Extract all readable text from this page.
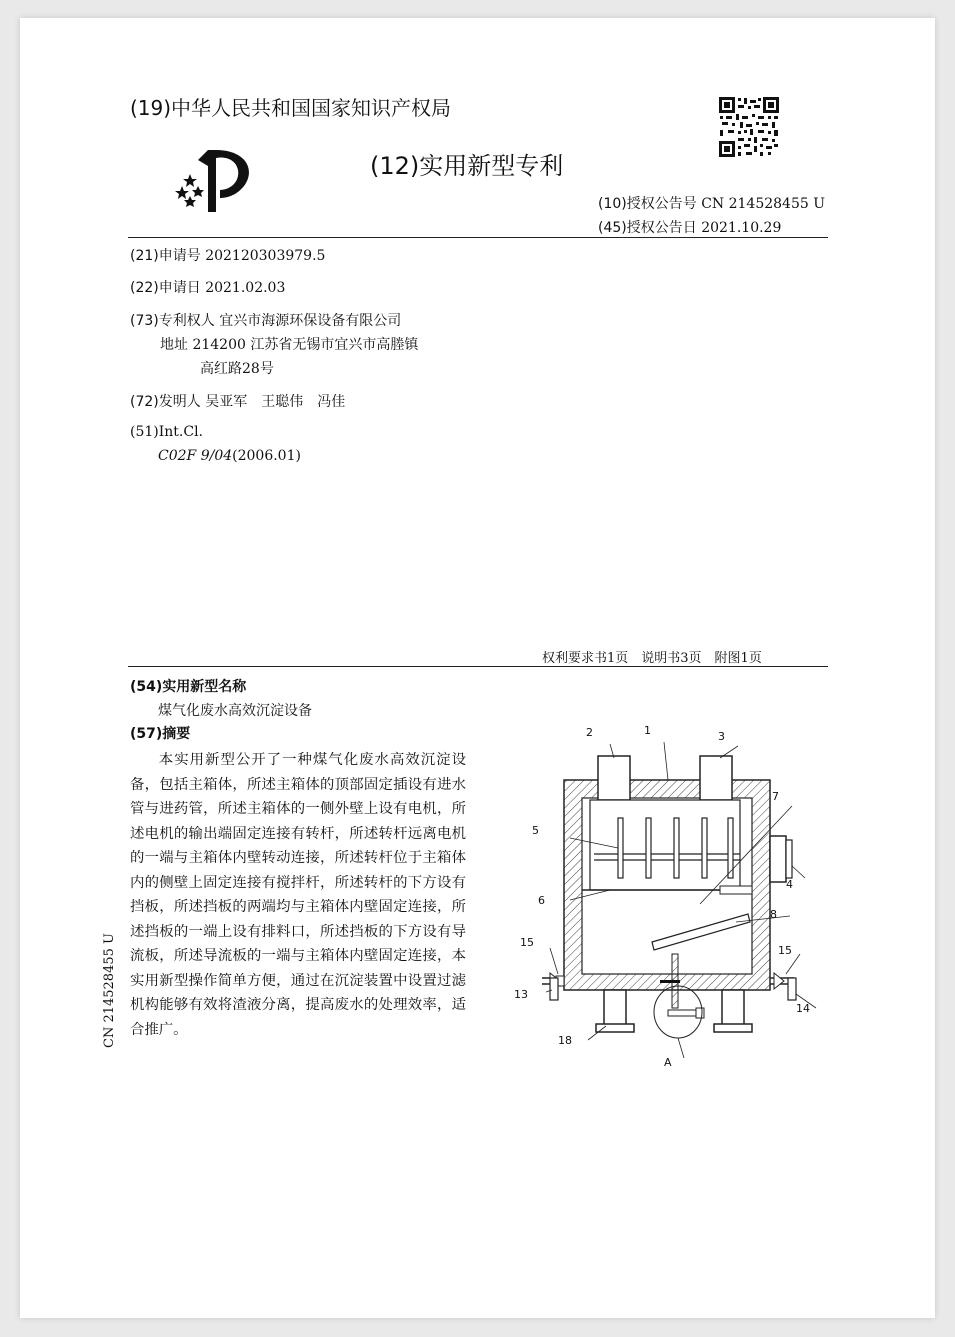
(19)中华人民共和国国家知识产权局
(12)实用新型专利
(10)授权公告号 CN 214528455 U
(45)授权公告日 2021.10.29
(21)申请号 202120303979.5
(22)申请日 2021.02.03
(73)专利权人 宜兴市海源环保设备有限公司
地址 214200 江苏省无锡市宜兴市高塍镇
高红路28号
(72)发明人 吴亚军　王聪伟　冯佳
(51)Int.Cl.
C02F 9/04(2006.01)
权利要求书1页　说明书3页　附图1页
(54)实用新型名称
煤气化废水高效沉淀设备
(57)摘要
本实用新型公开了一种煤气化废水高效沉淀设备，包括主箱体，所述主箱体的顶部固定插设有进水管与进药管，所述主箱体的一侧外壁上设有电机，所述电机的输出端固定连接有转杆，所述转杆远离电机的一端与主箱体内壁转动连接，所述转杆位于主箱体内的侧壁上固定连接有搅拌杆，所述转杆的下方设有挡板，所述挡板的两端均与主箱体内壁固定连接，所述挡板的一端上设有排料口，所述挡板的下方设有导流板，所述导流板的一端与主箱体内壁固定连接，本实用新型操作简单方便，通过在沉淀装置中设置过滤机构能够有效将渣液分离，提高废水的处理效率，适合推广。
CN 214528455 U
2	1	3
7
5
4
6
8
15
15
13
14
18
A
